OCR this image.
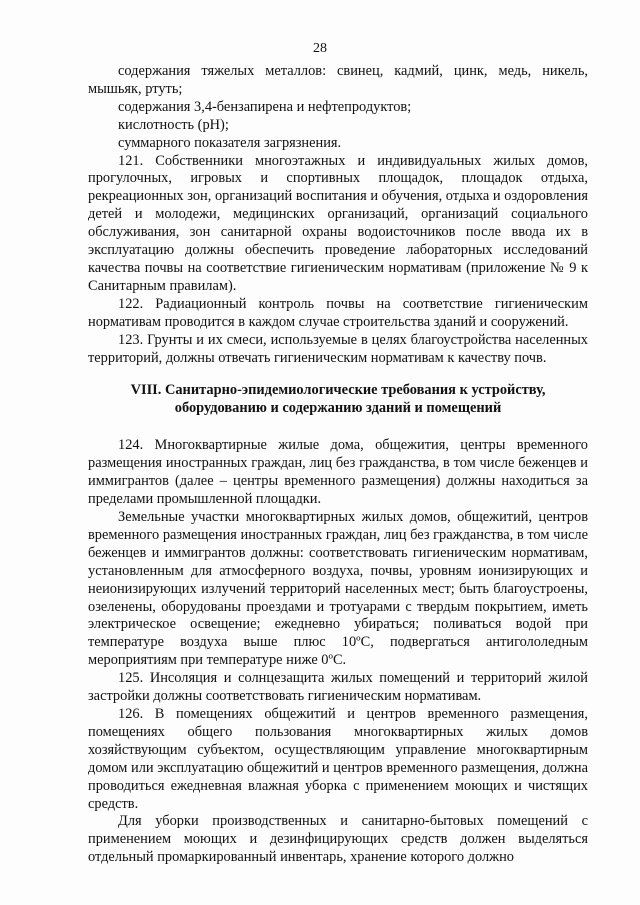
28

содержания тяжелых металлов: свинец, кадмий, цинк, медь, никель, мышьяк, ртуть;

содержания 3,4-бензапирена и нефтепродуктов;

кислотность (pH);

суммарного показателя загрязнения.

121. Собственники многоэтажных и индивидуальных жилых домов, прогулочных, игровых и спортивных площадок, площадок отдыха, рекреационных зон, организаций воспитания и обучения, отдыха и оздоровления детей и молодежи, медицинских организаций, организаций социального обслуживания, зон санитарной охраны водоисточников после ввода их в эксплуатацию должны обеспечить проведение лабораторных исследований качества почвы на соответствие гигиеническим нормативам (приложение № 9 к Санитарным правилам).

122. Радиационный контроль почвы на соответствие гигиеническим нормативам проводится в каждом случае строительства зданий и сооружений.

123. Грунты и их смеси, используемые в целях благоустройства населенных территорий, должны отвечать гигиеническим нормативам к качеству почв.

VIII. Санитарно-эпидемиологические требования к устройству, оборудованию и содержанию зданий и помещений

124. Многоквартирные жилые дома, общежития, центры временного размещения иностранных граждан, лиц без гражданства, в том числе беженцев и иммигрантов (далее – центры временного размещения) должны находиться за пределами промышленной площадки.

Земельные участки многоквартирных жилых домов, общежитий, центров временного размещения иностранных граждан, лиц без гражданства, в том числе беженцев и иммигрантов должны: соответствовать гигиеническим нормативам, установленным для атмосферного воздуха, почвы, уровням ионизирующих и неионизирующих излучений территорий населенных мест; быть благоустроены, озеленены, оборудованы проездами и тротуарами с твердым покрытием, иметь электрическое освещение; ежедневно убираться; поливаться водой при температуре воздуха выше плюс 10ºС, подвергаться антигололедным мероприятиям при температуре ниже 0ºС.

125. Инсоляция и солнцезащита жилых помещений и территорий жилой застройки должны соответствовать гигиеническим нормативам.

126. В помещениях общежитий и центров временного размещения, помещениях общего пользования многоквартирных жилых домов хозяйствующим субъектом, осуществляющим управление многоквартирным домом или эксплуатацию общежитий и центров временного размещения, должна проводиться ежедневная влажная уборка с применением моющих и чистящих средств.

Для уборки производственных и санитарно-бытовых помещений с применением моющих и дезинфицирующих средств должен выделяться отдельный промаркированный инвентарь, хранение которого должно
